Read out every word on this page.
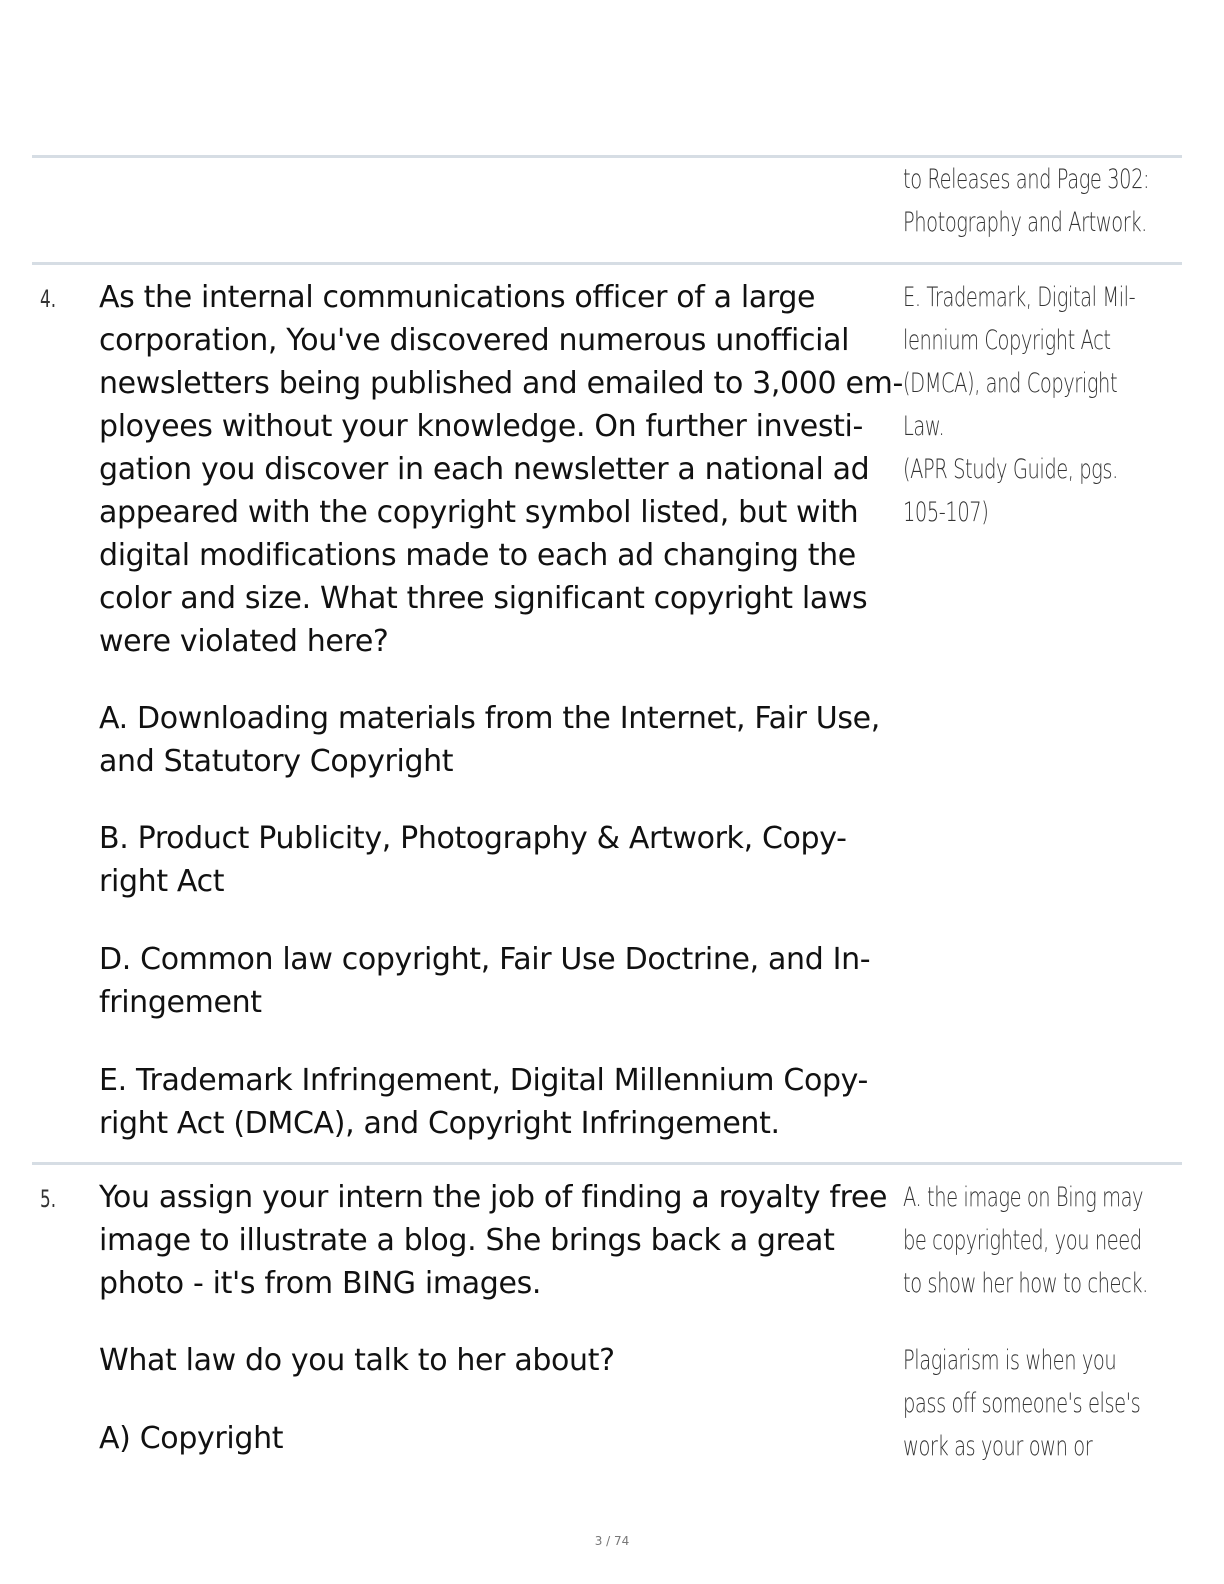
to Releases and Page 302:
Photography and Artwork.
4. As the internal communications officer of a large
corporation, You've discovered numerous unofficial
newsletters being published and emailed to 3,000 em-
ployees without your knowledge. On further investi-
gation you discover in each newsletter a national ad
appeared with the copyright symbol listed, but with
digital modifications made to each ad changing the
color and size. What three significant copyright laws
were violated here?
A. Downloading materials from the Internet, Fair Use,
and Statutory Copyright
B. Product Publicity, Photography & Artwork, Copy-
right Act
D. Common law copyright, Fair Use Doctrine, and In-
fringement
E. Trademark Infringement, Digital Millennium Copy-
right Act (DMCA), and Copyright Infringement.
E. Trademark, Digital Mil-
lennium Copyright Act
(DMCA), and Copyright
Law.
(APR Study Guide, pgs.
105-107)
5. You assign your intern the job of finding a royalty free
image to illustrate a blog. She brings back a great
photo - it's from BING images.
What law do you talk to her about?
A) Copyright
A. the image on Bing may
be copyrighted, you need
to show her how to check.
Plagiarism is when you
pass off someone's else's
work as your own or
3 / 74
